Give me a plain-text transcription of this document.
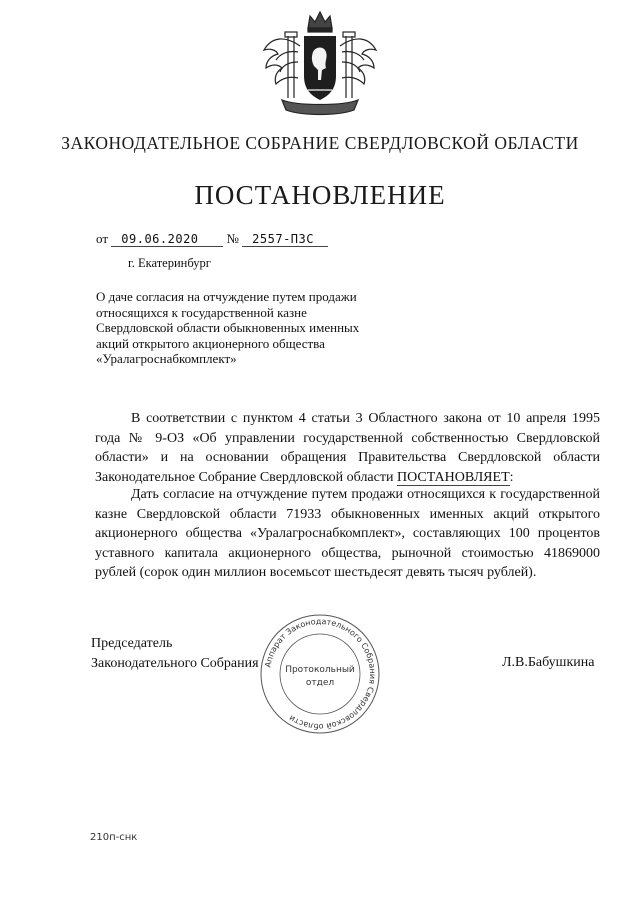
ЗАКОНОДАТЕЛЬНОЕ СОБРАНИЕ СВЕРДЛОВСКОЙ ОБЛАСТИ
ПОСТАНОВЛЕНИЕ
от 09.06.2020 № 2557-ПЗС
г. Екатеринбург
О даче согласия на отчуждение путем продажи относящихся к государственной казне Свердловской области обыкновенных именных акций открытого акционерного общества «Уралагроснабкомплект»
В соответствии с пунктом 4 статьи 3 Областного закона от 10 апреля 1995 года № 9-ОЗ «Об управлении государственной собственностью Свердловской области» и на основании обращения Правительства Свердловской области Законодательное Собрание Свердловской области ПОСТАНОВЛЯЕТ:
Дать согласие на отчуждение путем продажи относящихся к государственной казне Свердловской области 71933 обыкновенных именных акций открытого акционерного общества «Уралагроснабкомплект», составляющих 100 процентов уставного капитала акционерного общества, рыночной стоимостью 41869000 рублей (сорок один миллион восемьсот шестьдесят девять тысяч рублей).
Председатель
Законодательного Собрания Аппарат Законодательного Собрания Свердловской области
Протокольный
отдел
Л.В.Бабушкина
210п-снк
